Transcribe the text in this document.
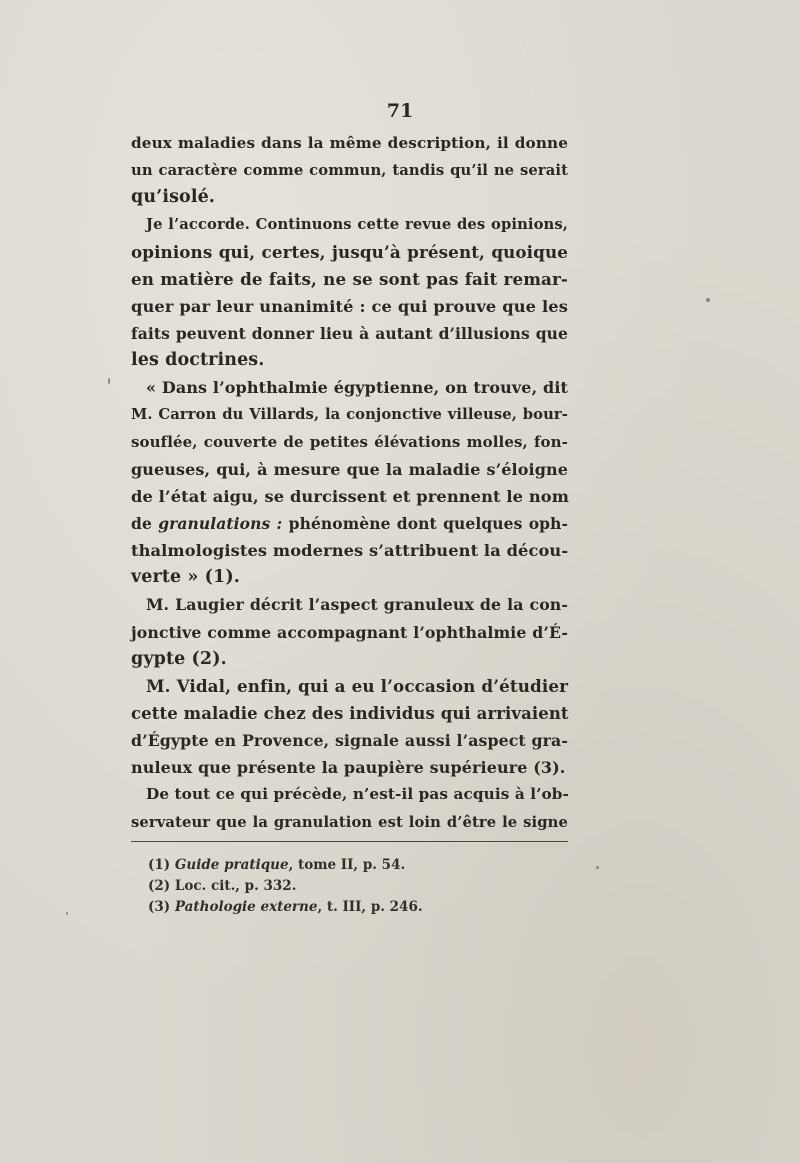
71
deux maladies dans la même description, il donne
un caractère comme commun, tandis qu’il ne serait
qu’isolé.
Je l’accorde. Continuons cette revue des opinions,
opinions qui, certes, jusqu’à présent, quoique
en matière de faits, ne se sont pas fait remar-
quer par leur unanimité : ce qui prouve que les
faits peuvent donner lieu à autant d’illusions que
les doctrines.
« Dans l’ophthalmie égyptienne, on trouve, dit
M. Carron du Villards, la conjonctive villeuse, bour-
souflée, couverte de petites élévations molles, fon-
gueuses, qui, à mesure que la maladie s’éloigne
de l’état aigu, se durcissent et prennent le nom
de granulations : phénomène dont quelques oph-
thalmologistes modernes s’attribuent la décou-
verte » (1).
M. Laugier décrit l’aspect granuleux de la con-
jonctive comme accompagnant l’ophthalmie d’É-
gypte (2).
M. Vidal, enfin, qui a eu l’occasion d’étudier
cette maladie chez des individus qui arrivaient
d’Égypte en Provence, signale aussi l’aspect gra-
nuleux que présente la paupière supérieure (3).
De tout ce qui précède, n’est-il pas acquis à l’ob-
servateur que la granulation est loin d’être le signe
(1) Guide pratique, tome II, p. 54.
(2) Loc. cit., p. 332.
(3) Pathologie externe, t. III, p. 246.
